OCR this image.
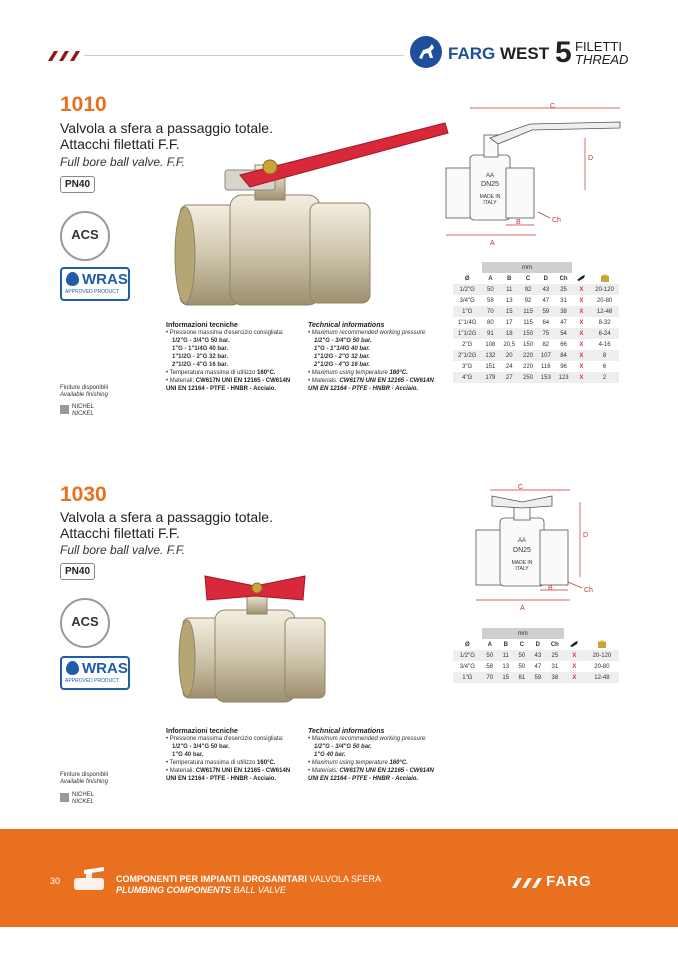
FARG WEST 5 FILETTI
THREAD
1010
Valvola a sfera a passaggio totale.
Attacchi filettati F.F.
Full bore ball valve. F.F.
PN40
ACS
WRAS
APPROVED PRODUCT
Finiture disponibili
Available finishing
NICHEL
NICKEL
AA
DN25
MADE IN
ITALY
A
B
C
D
Ch
Informazioni tecniche
• Pressione massima d'esercizio consigliata:
1/2"G - 3/4"G 50 bar.
1"G - 1"1/4G 40 bar.
1"1/2G - 2"G 32 bar.
2"1/2G - 4"G 16 bar.
• Temperatura massima di utilizzo 160°C.
• Materiali: CW617N UNI EN 12165 - CW614N UNI EN 12164 - PTFE - HNBR - Acciaio.
Technical informations
• Maximum recommended working pressure:
1/2"G - 3/4"G 50 bar.
1"G - 1"1/4G 40 bar.
1"1/2G - 2"G 32 bar.
2"1/2G - 4"G 16 bar.
• Maximum using temperature 160°C.
• Materials: CW617N UNI EN 12165 - CW614N UNI EN 12164 - PTFE - HNBR - Acciaio.
	mm						
Ø	A	B	C	D	Ch		
1/2"G	50	11	92	43	25	X	20-120
3/4"G	58	13	92	47	31	X	20-80
1"G	70	15	115	59	38	X	12-48
1"1/4G	80	17	115	64	47	X	8-32
1"1/2G	91	18	150	75	54	X	6-24
2"G	108	20,5	150	82	66	X	4-16
2"1/2G	132	20	220	107	84	X	8
3"G	151	24	220	116	96	X	6
4"G	179	27	250	153	123	X	2
1030
Valvola a sfera a passaggio totale.
Attacchi filettati F.F.
Full bore ball valve. F.F.
PN40
ACS
WRAS
APPROVED PRODUCT
Finiture disponibili
Available finishing
NICHEL
NICKEL
AA
DN25
MADE IN
ITALY
A
B
C
D
Ch
Informazioni tecniche
• Pressione massima d'esercizio consigliata:
1/2"G - 3/4"G 50 bar.
1"G 40 bar.
• Temperatura massima di utilizzo 160°C.
• Materiali: CW617N UNI EN 12165 - CW614N UNI EN 12164 - PTFE - HNBR - Acciaio.
Technical informations
• Maximum recommended working pressure:
1/2"G - 3/4"G 50 bar.
1"G 40 bar.
• Maximum using temperature 160°C.
• Materials: CW617N UNI EN 12165 - CW614N UNI EN 12164 - PTFE - HNBR - Acciaio.
	mm						
Ø	A	B	C	D	Ch		
1/2"G	50	11	50	43	25	X	20-120
3/4"G	58	13	50	47	31	X	20-80
1"G	70	15	61	59	38	X	12-48
30	COMPONENTI PER IMPIANTI IDROSANITARI VALVOLA SFERA
PLUMBING COMPONENTS BALL VALVE	FARG
